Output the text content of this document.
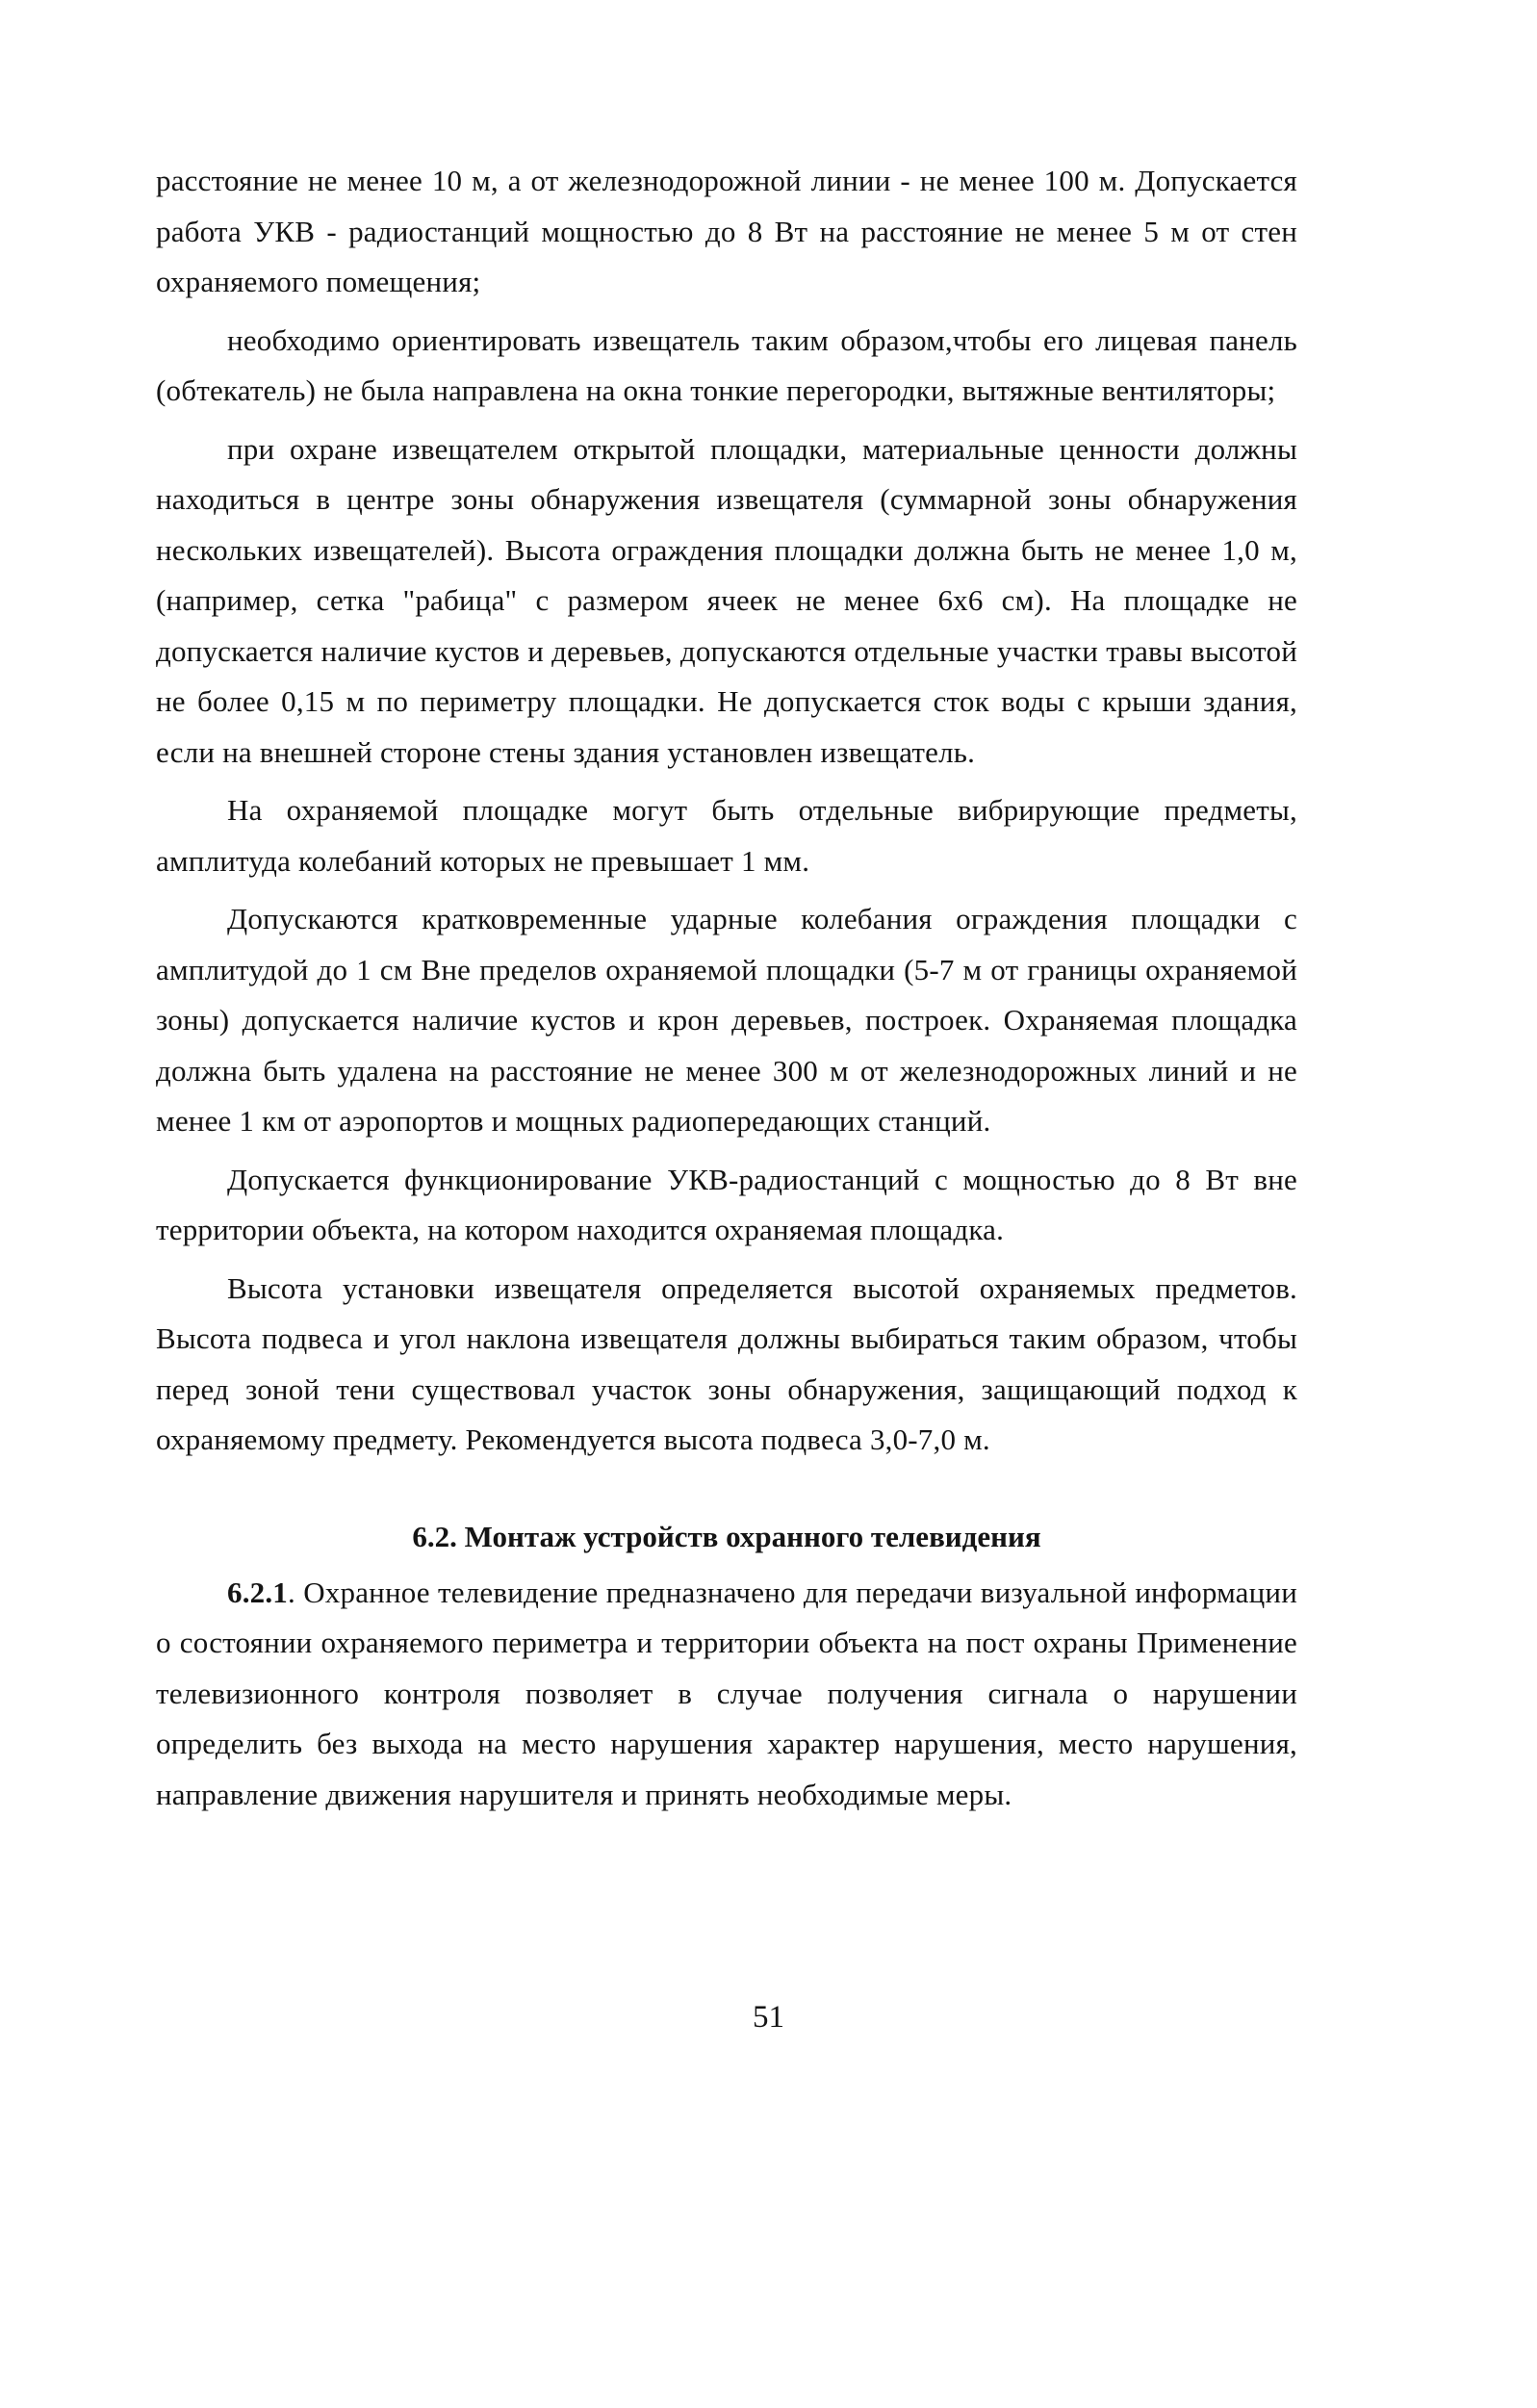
расстояние не менее 10 м, а от железнодорожной линии - не менее 100 м. Допускается работа УКВ - радиостанций мощностью до 8 Вт на расстояние не менее 5 м от стен охраняемого помещения;

необходимо ориентировать извещатель таким образом,чтобы его лицевая панель (обтекатель) не была направлена на окна тонкие перегородки, вытяжные вентиляторы;

при охране извещателем открытой площадки, материальные ценности должны находиться в центре зоны обнаружения извещателя (суммарной зоны обнаружения нескольких извещателей). Высота ограждения площадки должна быть не менее 1,0 м, (например, сетка "рабица" с размером ячеек не менее 6х6 см). На площадке не допускается наличие кустов и деревьев, допускаются отдельные участки травы высотой не более 0,15 м по периметру площадки. Не допускается сток воды с крыши здания, если на внешней стороне стены здания установлен извещатель.

На охраняемой площадке могут быть отдельные вибрирующие предметы, амплитуда колебаний которых не превышает 1 мм.

Допускаются кратковременные ударные колебания ограждения площадки с амплитудой до 1 см Вне пределов охраняемой площадки (5-7 м от границы охраняемой зоны) допускается наличие кустов и крон деревьев, построек. Охраняемая площадка должна быть удалена на расстояние не менее 300 м от железнодорожных линий и не менее 1 км от аэропортов и мощных радиопередающих станций.

Допускается функционирование УКВ-радиостанций с мощностью до 8 Вт вне территории объекта, на котором находится охраняемая площадка.

Высота установки извещателя определяется высотой охраняемых предметов. Высота подвеса и угол наклона извещателя должны выбираться таким образом, чтобы перед зоной тени существовал участок зоны обнаружения, защищающий подход к охраняемому предмету. Рекомендуется высота подвеса 3,0-7,0 м.

6.2. Монтаж устройств охранного телевидения

6.2.1. Охранное телевидение предназначено для передачи визуальной информации о состоянии охраняемого периметра и территории объекта на пост охраны Применение телевизионного контроля позволяет в случае получения сигнала о нарушении определить без выхода на место нарушения характер нарушения, место нарушения, направление движения нарушителя и принять необходимые меры.

51
